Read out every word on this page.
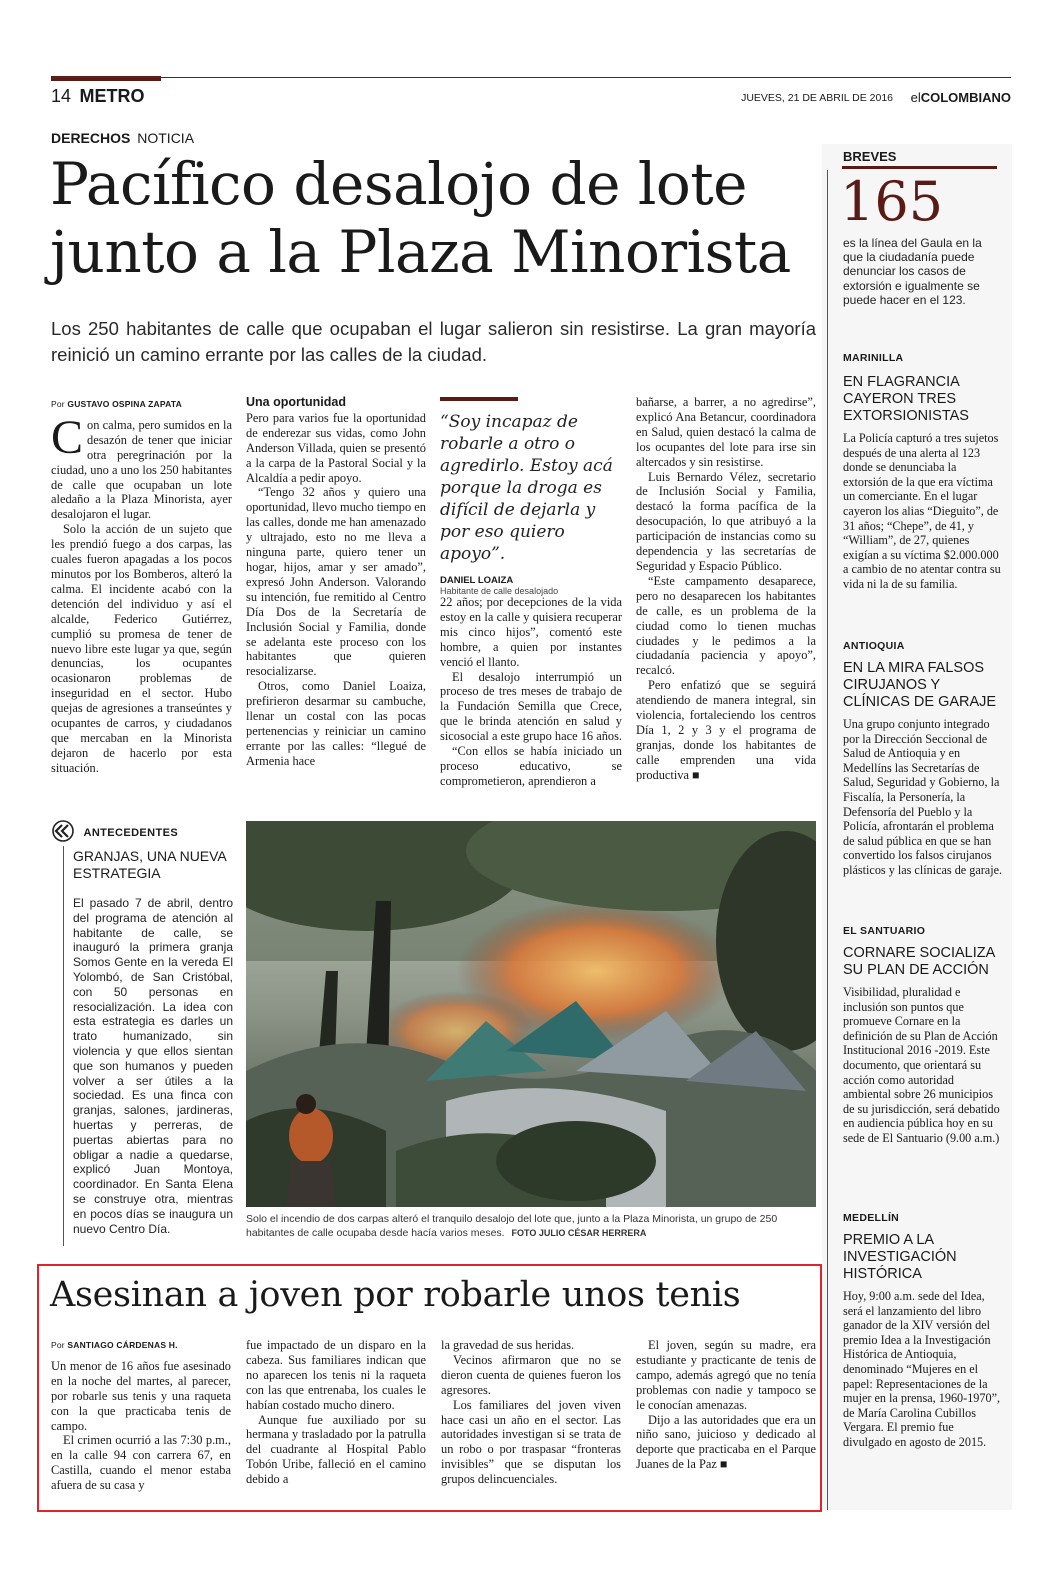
14 METRO	JUEVES, 21 DE ABRIL DE 2016 elCOLOMBIANO
DERECHOS NOTICIA
Pacífico desalojo de lote
junto a la Plaza Minorista
Los 250 habitantes de calle que ocupaban el lugar salieron sin resistirse. La gran mayoría reinició un camino errante por las calles de la ciudad.
Por GUSTAVO OSPINA ZAPATA

Con calma, pero sumidos en la desazón de tener que iniciar otra peregrinación por la ciudad, uno a uno los 250 habitantes de calle que ocupaban un lote aledaño a la Plaza Minorista, ayer desalojaron el lugar.

Solo la acción de un sujeto que les prendió fuego a dos carpas, las cuales fueron apagadas a los pocos minutos por los Bomberos, alteró la calma. El incidente acabó con la detención del individuo y así el alcalde, Federico Gutiérrez, cumplió su promesa de tener de nuevo libre este lugar ya que, según denuncias, los ocupantes ocasionaron problemas de inseguridad en el sector. Hubo quejas de agresiones a transeúntes y ocupantes de carros, y ciudadanos que mercaban en la Minorista dejaron de hacerlo por esta situación.

Una oportunidad

Pero para varios fue la oportunidad de enderezar sus vidas, como John Anderson Villada, quien se presentó a la carpa de la Pastoral Social y la Alcaldía a pedir apoyo.

“Tengo 32 años y quiero una oportunidad, llevo mucho tiempo en las calles, donde me han amenazado y ultrajado, esto no me lleva a ninguna parte, quiero tener un hogar, hijos, amar y ser amado”, expresó John Anderson. Valorando su intención, fue remitido al Centro Día Dos de la Secretaría de Inclusión Social y Familia, donde se adelanta este proceso con los habitantes que quieren resocializarse.

Otros, como Daniel Loaiza, prefirieron desarmar su cambuche, llenar un costal con las pocas pertenencias y reiniciar un camino errante por las calles: “llegué de Armenia hace

“Soy incapaz de robarle a otro o agredirlo. Estoy acá porque la droga es difícil de dejarla y por eso quiero apoyo”.
DANIEL LOAIZA
Habitante de calle desalojado

22 años; por decepciones de la vida estoy en la calle y quisiera recuperar mis cinco hijos”, comentó este hombre, a quien por instantes venció el llanto.

El desalojo interrumpió un proceso de tres meses de trabajo de la Fundación Semilla que Crece, que le brinda atención en salud y sicosocial a este grupo hace 16 años.

“Con ellos se había iniciado un proceso educativo, se comprometieron, aprendieron a

bañarse, a barrer, a no agredirse”, explicó Ana Betancur, coordinadora en Salud, quien destacó la calma de los ocupantes del lote para irse sin altercados y sin resistirse.

Luis Bernardo Vélez, secretario de Inclusión Social y Familia, destacó la forma pacífica de la desocupación, lo que atribuyó a la participación de instancias como su dependencia y las secretarías de Seguridad y Espacio Público.

“Este campamento desaparece, pero no desaparecen los habitantes de calle, es un problema de la ciudad como lo tienen muchas ciudades y le pedimos a la ciudadanía paciencia y apoyo”, recalcó.

Pero enfatizó que se seguirá atendiendo de manera integral, sin violencia, fortaleciendo los centros Día 1, 2 y 3 y el programa de granjas, donde los habitantes de calle emprenden una vida productiva ■

ANTECEDENTES
GRANJAS, UNA NUEVA ESTRATEGIA
El pasado 7 de abril, dentro del programa de atención al habitante de calle, se inauguró la primera granja Somos Gente en la vereda El Yolombó, de San Cristóbal, con 50 personas en resocialización. La idea con esta estrategia es darles un trato humanizado, sin violencia y que ellos sientan que son humanos y pueden volver a ser útiles a la sociedad. Es una finca con granjas, salones, jardineras, huertas y perreras, de puertas abiertas para no obligar a nadie a quedarse, explicó Juan Montoya, coordinador. En Santa Elena se construye otra, mientras en pocos días se inaugura un nuevo Centro Día.
Solo el incendio de dos carpas alteró el tranquilo desalojo del lote que, junto a la Plaza Minorista, un grupo de 250 habitantes de calle ocupaba desde hacía varios meses. FOTO JULIO CÉSAR HERRERA
BREVES
165
es la línea del Gaula en la que la ciudadanía puede denunciar los casos de extorsión e igualmente se puede hacer en el 123.
MARINILLA
EN FLAGRANCIA CAYERON TRES EXTORSIONISTAS
La Policía capturó a tres sujetos después de una alerta al 123 donde se denunciaba la extorsión de la que era víctima un comerciante. En el lugar cayeron los alias “Dieguito”, de 31 años; “Chepe”, de 41, y “William”, de 27, quienes exigían a su víctima $2.000.000 a cambio de no atentar contra su vida ni la de su familia.
ANTIOQUIA
EN LA MIRA FALSOS CIRUJANOS Y CLÍNICAS DE GARAJE
Una grupo conjunto integrado por la Dirección Seccional de Salud de Antioquia y en Medellíns las Secretarías de Salud, Seguridad y Gobierno, la Fiscalía, la Personería, la Defensoría del Pueblo y la Policía, afrontarán el problema de salud pública en que se han convertido los falsos cirujanos plásticos y las clínicas de garaje.
EL SANTUARIO
CORNARE SOCIALIZA SU PLAN DE ACCIÓN
Visibilidad, pluralidad e inclusión son puntos que promueve Cornare en la definición de su Plan de Acción Institucional 2016 -2019. Este documento, que orientará su acción como autoridad ambiental sobre 26 municipios de su jurisdicción, será debatido en audiencia pública hoy en su sede de El Santuario (9.00 a.m.)
MEDELLÍN
PREMIO A LA INVESTIGACIÓN HISTÓRICA
Hoy, 9:00 a.m. sede del Idea, será el lanzamiento del libro ganador de la XIV versión del premio Idea a la Investigación Histórica de Antioquia, denominado “Mujeres en el papel: Representaciones de la mujer en la prensa, 1960-1970”, de María Carolina Cubillos Vergara. El premio fue divulgado en agosto de 2015.
Asesinan a joven por robarle unos tenis
Por SANTIAGO CÁRDENAS H.

Un menor de 16 años fue asesinado en la noche del martes, al parecer, por robarle sus tenis y una raqueta con la que practicaba tenis de campo.

El crimen ocurrió a las 7:30 p.m., en la calle 94 con carrera 67, en Castilla, cuando el menor estaba afuera de su casa y

fue impactado de un disparo en la cabeza. Sus familiares indican que no aparecen los tenis ni la raqueta con las que entrenaba, los cuales le habían costado mucho dinero.

Aunque fue auxiliado por su hermana y trasladado por la patrulla del cuadrante al Hospital Pablo Tobón Uribe, falleció en el camino debido a

la gravedad de sus heridas.

Vecinos afirmaron que no se dieron cuenta de quienes fueron los agresores.

Los familiares del joven viven hace casi un año en el sector. Las autoridades investigan si se trata de un robo o por traspasar “fronteras invisibles” que se disputan los grupos delincuenciales.

El joven, según su madre, era estudiante y practicante de tenis de campo, además agregó que no tenía problemas con nadie y tampoco se le conocían amenazas.

Dijo a las autoridades que era un niño sano, juicioso y dedicado al deporte que practicaba en el Parque Juanes de la Paz ■
